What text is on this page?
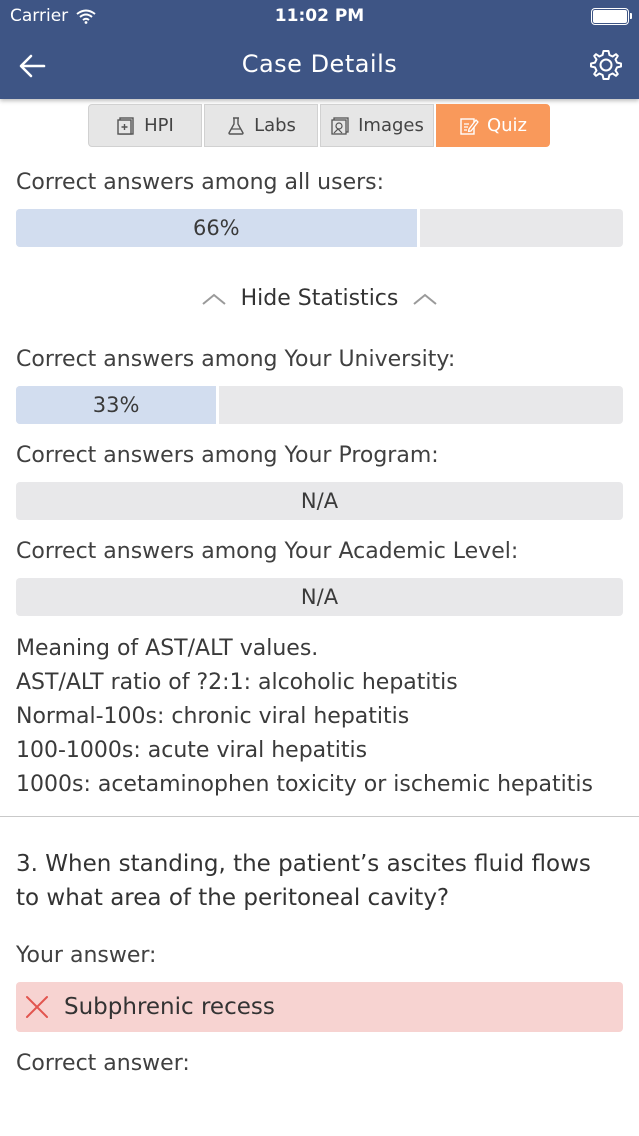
Carrier	11:02 PM
Case Details
HPI	Labs	Images	Quiz
Correct answers among all users:
66%
Hide Statistics
Correct answers among Your University:
33%
Correct answers among Your Program:
N/A
Correct answers among Your Academic Level:
N/A
Meaning of AST/ALT values.
AST/ALT ratio of ?2:1: alcoholic hepatitis
Normal-100s: chronic viral hepatitis
100-1000s: acute viral hepatitis
1000s: acetaminophen toxicity or ischemic hepatitis
3. When standing, the patient’s ascites fluid flows to what area of the peritoneal cavity?
Your answer:
Subphrenic recess
Correct answer:
